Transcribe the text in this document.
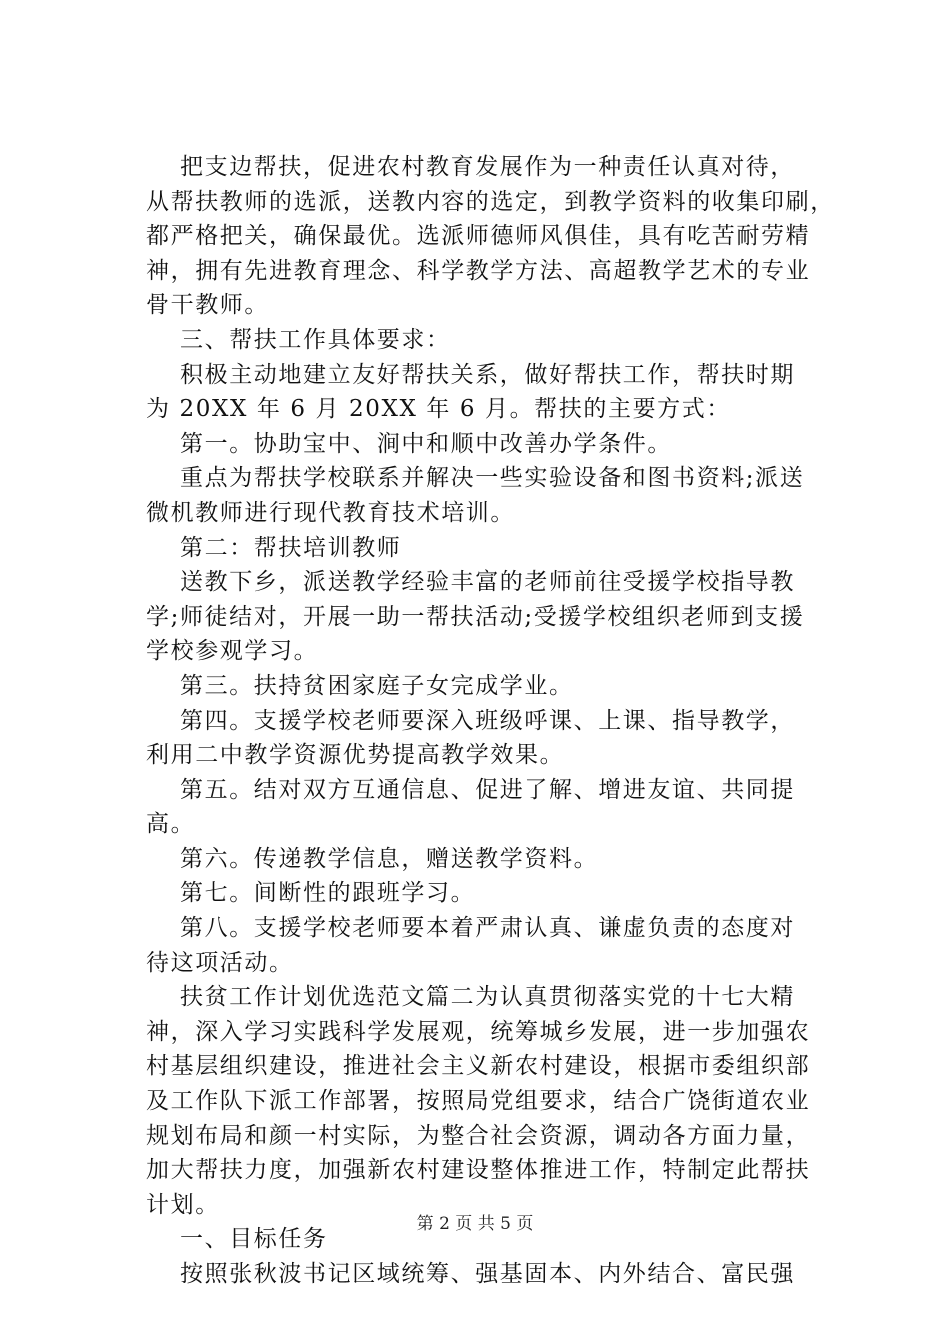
把支边帮扶，促进农村教育发展作为一种责任认真对待，
从帮扶教师的选派，送教内容的选定，到教学资料的收集印刷，
都严格把关，确保最优。选派师德师风俱佳，具有吃苦耐劳精
神，拥有先进教育理念、科学教学方法、高超教学艺术的专业
骨干教师。
三、帮扶工作具体要求：
积极主动地建立友好帮扶关系，做好帮扶工作，帮扶时期
为 20XX 年 6 月 20XX 年 6 月。帮扶的主要方式：
第一。协助宝中、涧中和顺中改善办学条件。
重点为帮扶学校联系并解决一些实验设备和图书资料;派送
微机教师进行现代教育技术培训。
第二：帮扶培训教师
送教下乡，派送教学经验丰富的老师前往受援学校指导教
学;师徒结对，开展一助一帮扶活动;受援学校组织老师到支援
学校参观学习。
第三。扶持贫困家庭子女完成学业。
第四。支援学校老师要深入班级呼课、上课、指导教学，
利用二中教学资源优势提高教学效果。
第五。结对双方互通信息、促进了解、增进友谊、共同提
高。
第六。传递教学信息，赠送教学资料。
第七。间断性的跟班学习。
第八。支援学校老师要本着严肃认真、谦虚负责的态度对
待这项活动。
扶贫工作计划优选范文篇二为认真贯彻落实党的十七大精
神，深入学习实践科学发展观，统筹城乡发展，进一步加强农
村基层组织建设，推进社会主义新农村建设，根据市委组织部
及工作队下派工作部署，按照局党组要求，结合广饶街道农业
规划布局和颜一村实际，为整合社会资源，调动各方面力量，
加大帮扶力度，加强新农村建设整体推进工作，特制定此帮扶
计划。
一、目标任务
按照张秋波书记区域统筹、强基固本、内外结合、富民强
第 2 页 共 5 页
